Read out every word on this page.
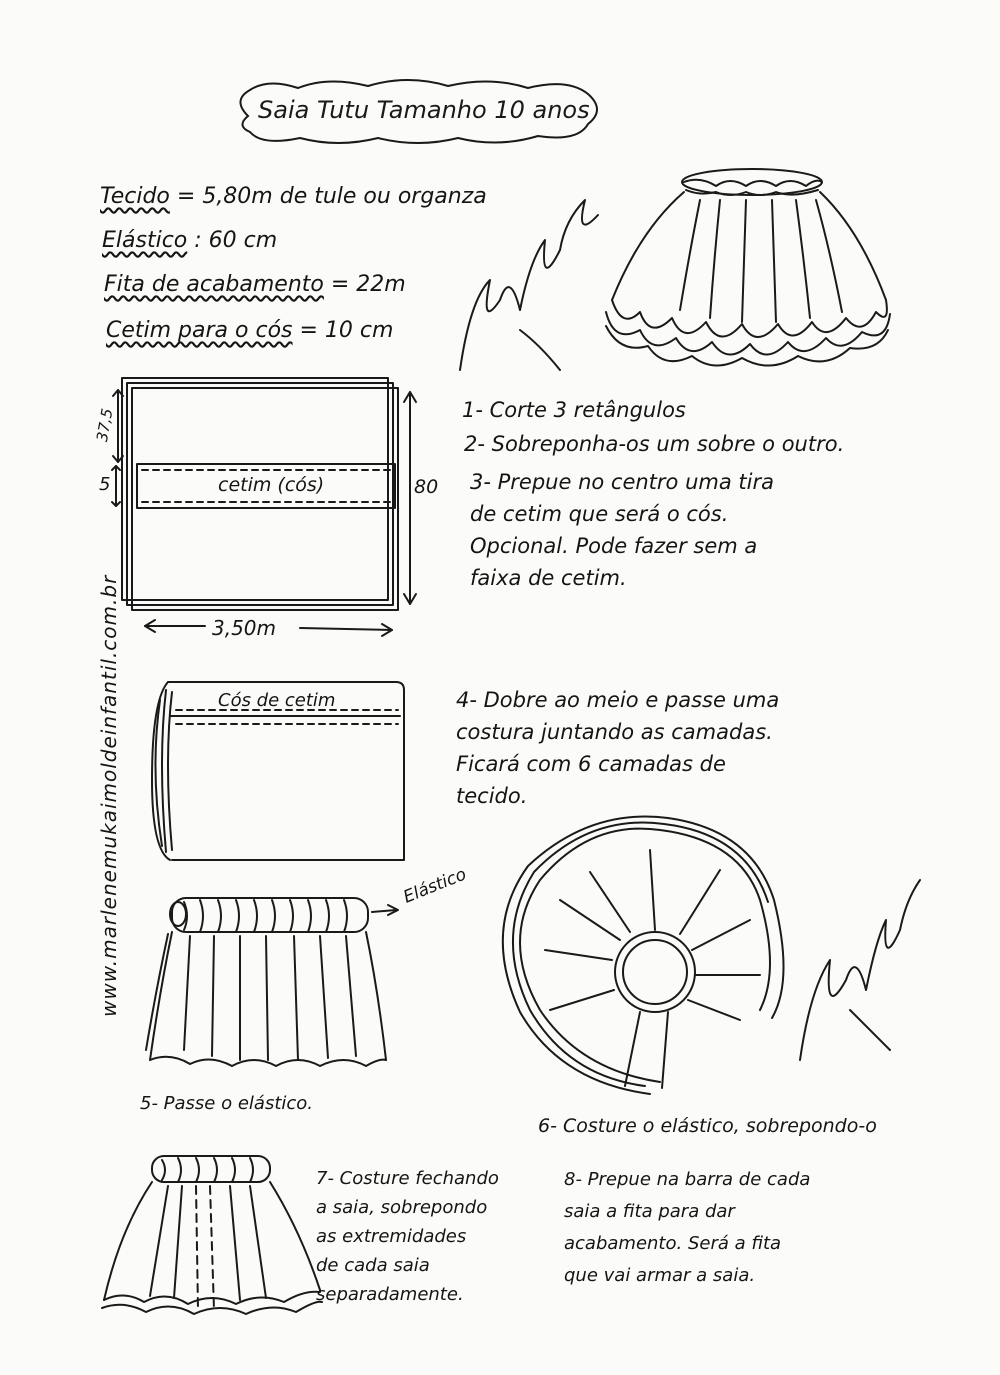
Saia Tutu Tamanho 10 anos
Tecido = 5,80m de tule ou organza
Elástico : 60 cm
Fita de acabamento = 22m
Cetim para o cós = 10 cm
37,5
5	cetim (cós)	80
3,50m
Cós de cetim
Elástico
www.marlenemukaimoldeinfantil.com.br
1- Corte 3 retângulos
2- Sobreponha-os um sobre o outro.
3- Prepue no centro uma tira
de cetim que será o cós.
Opcional. Pode fazer sem a
faixa de cetim.
4- Dobre ao meio e passe uma
costura juntando as camadas.
Ficará com 6 camadas de
tecido.
5- Passe o elástico.
6- Costure o elástico, sobrepondo-o
7- Costure fechando
a saia, sobrepondo
as extremidades
de cada saia
separadamente.
8- Prepue na barra de cada
saia a fita para dar
acabamento. Será a fita
que vai armar a saia.
